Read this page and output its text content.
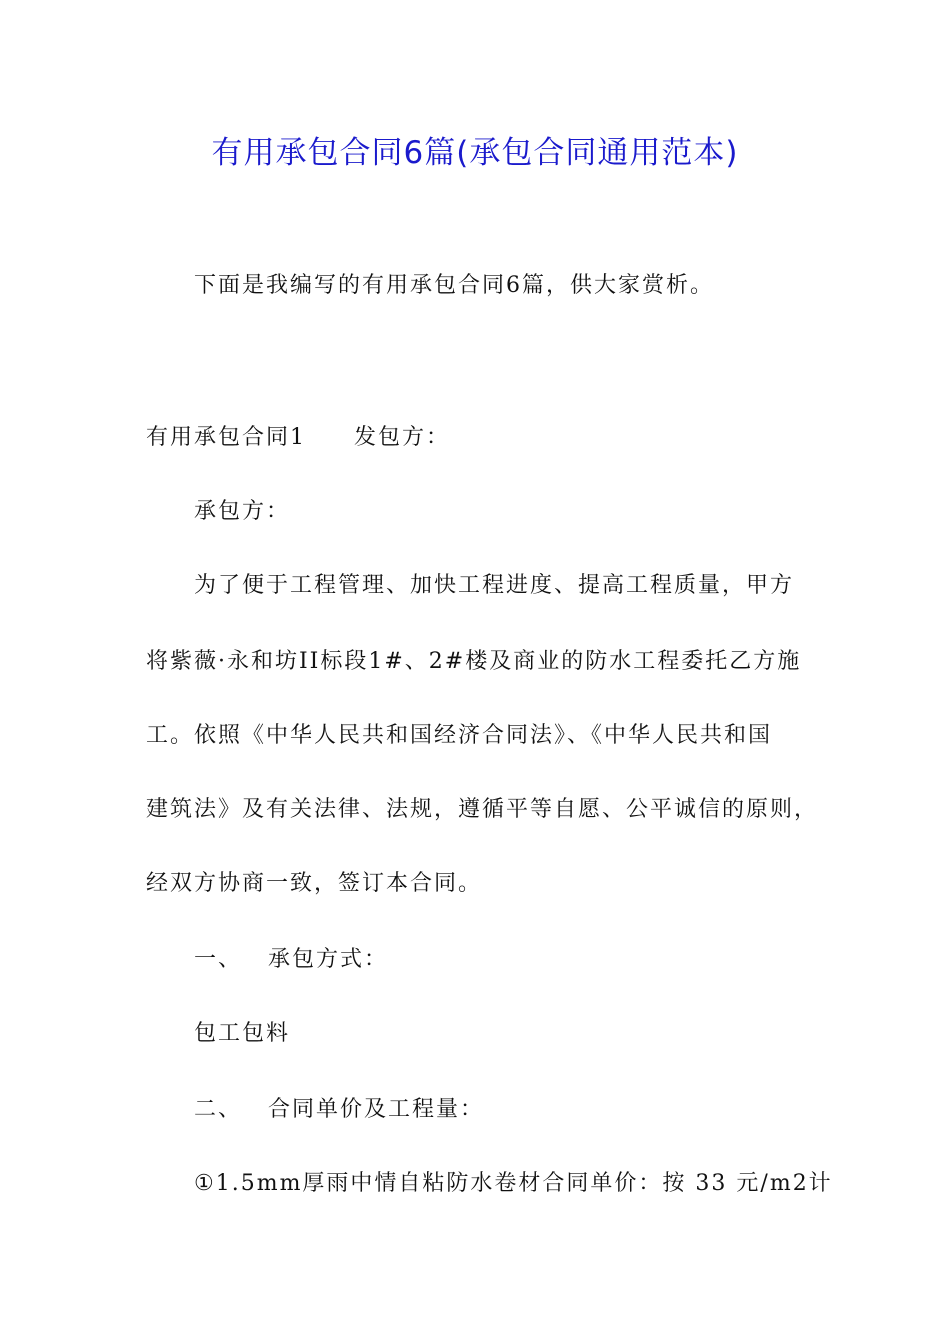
有用承包合同6篇(承包合同通用范本)
下面是我编写的有用承包合同6篇，供大家赏析。
有用承包合同1 发包方：
承包方：
为了便于工程管理、加快工程进度、提高工程质量，甲方
将紫薇·永和坊II标段1#、2#楼及商业的防水工程委托乙方施
工。依照《中华人民共和国经济合同法》、《中华人民共和国
建筑法》及有关法律、法规，遵循平等自愿、公平诚信的原则，
经双方协商一致，签订本合同。
一、 承包方式：
包工包料
二、 合同单价及工程量：
①1.5mm厚雨中情自粘防水卷材合同单价：按 33 元/m2计
